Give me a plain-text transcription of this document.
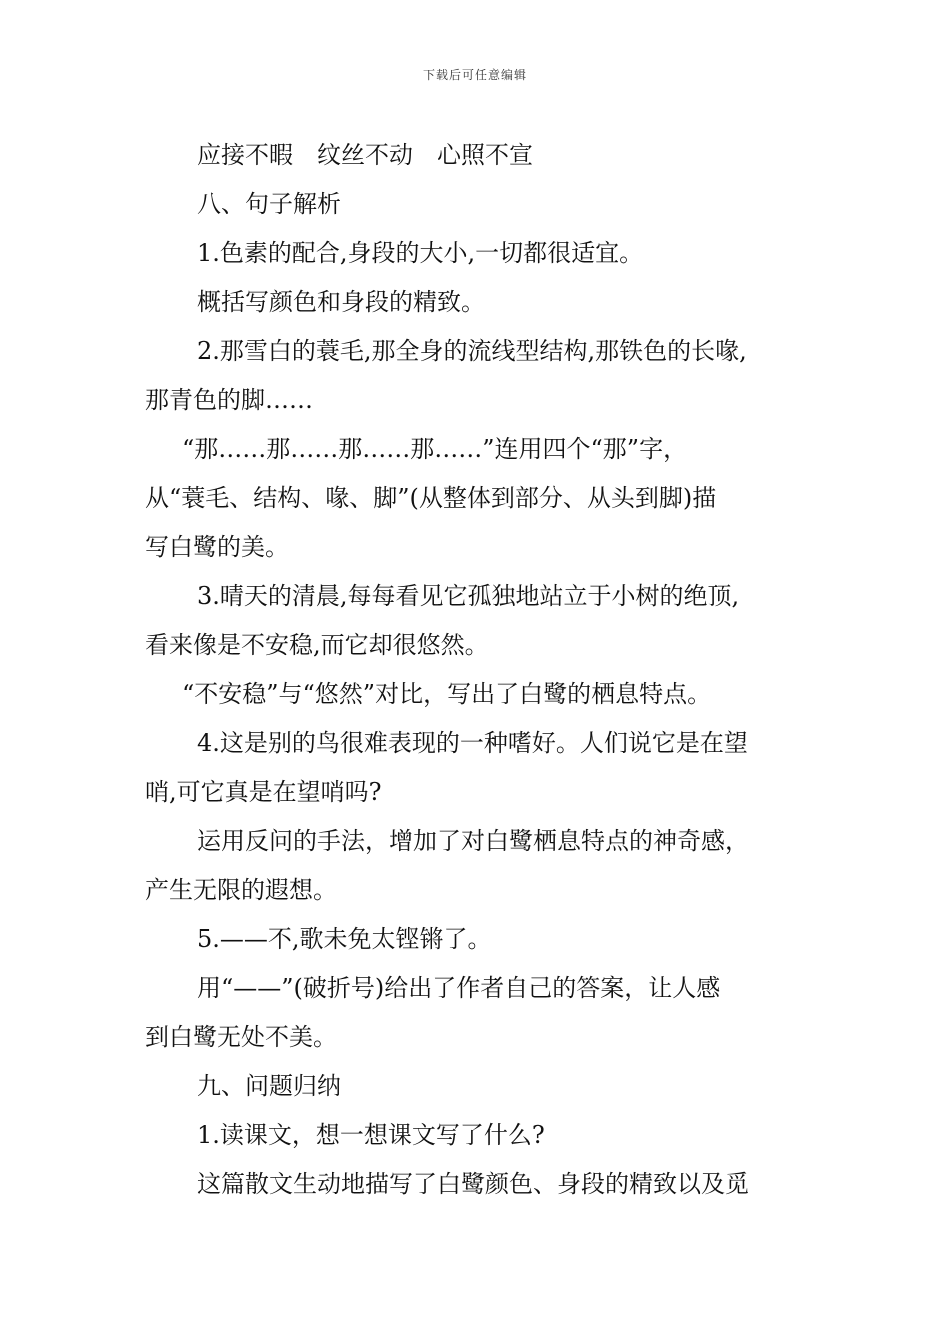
下载后可任意编辑
应接不暇　纹丝不动　心照不宣
八、句子解析
1.色素的配合,身段的大小,一切都很适宜。
概括写颜色和身段的精致。
2.那雪白的蓑毛,那全身的流线型结构,那铁色的长喙,
那青色的脚……
“那……那……那……那……”连用四个“那”字，
从“蓑毛、结构、喙、脚”(从整体到部分、从头到脚)描
写白鹭的美。
3.晴天的清晨,每每看见它孤独地站立于小树的绝顶,
看来像是不安稳,而它却很悠然。
“不安稳”与“悠然”对比，写出了白鹭的栖息特点。
4.这是别的鸟很难表现的一种嗜好。人们说它是在望
哨,可它真是在望哨吗?
运用反问的手法，增加了对白鹭栖息特点的神奇感，
产生无限的遐想。
5.——不,歌未免太铿锵了。
用“——”(破折号)给出了作者自己的答案，让人感
到白鹭无处不美。
九、问题归纳
1.读课文，想一想课文写了什么?
这篇散文生动地描写了白鹭颜色、身段的精致以及觅
